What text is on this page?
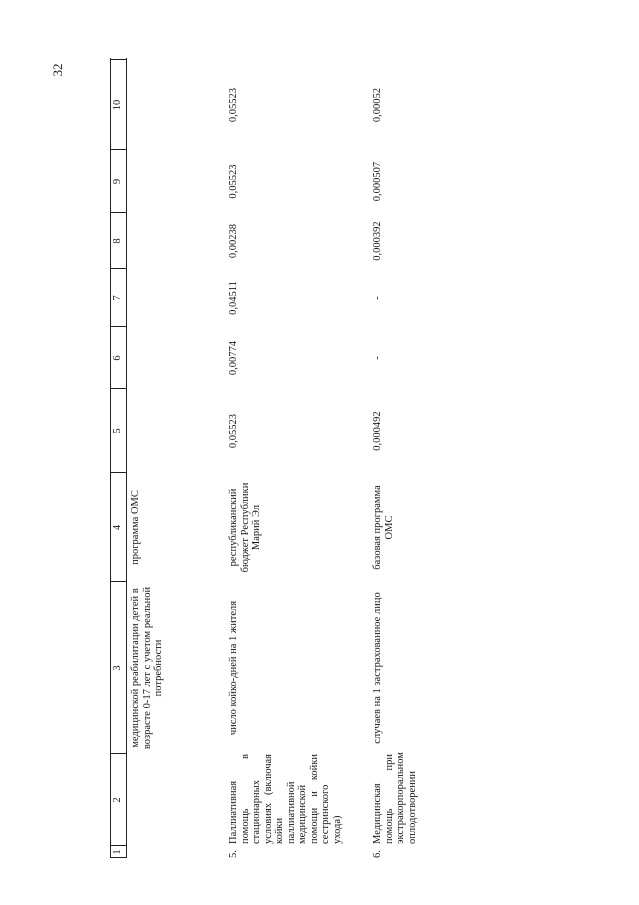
32
1
2
3
4
5
6
7
8
9
10
медицинской реабилитации детей в возрасте 0-17 лет с учетом реальной потребности
программа ОМС
5.
Паллиативная помощь в стационарных условиях (включая койки паллиативной медицинской помощи и койки сестринского ухода)
число койко-дней на 1 жителя
республиканский бюджет Республики Марий Эл
0,05523
0,00774
0,04511
0,00238
0,05523
0,05523
6.
Медицинская помощь при экстракорпоральном оплодотворении
случаев на 1 застрахованное лицо
базовая программа ОМС
0,000492
-
-
0,000392
0,000507
0,00052
